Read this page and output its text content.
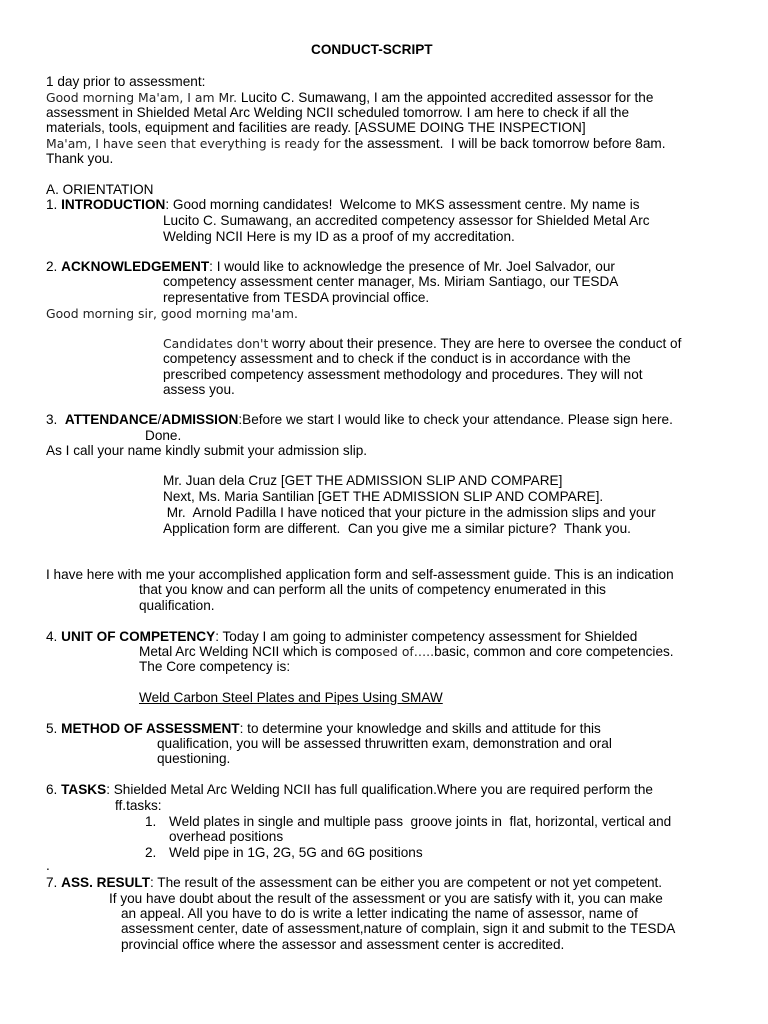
CONDUCT-SCRIPT
1 day prior to assessment:
Good morning Ma'am, I am Mr. Lucito C. Sumawang, I am the appointed accredited assessor for the
assessment in Shielded Metal Arc Welding NCII scheduled tomorrow. I am here to check if all the
materials, tools, equipment and facilities are ready. [ASSUME DOING THE INSPECTION]
Ma'am, I have seen that everything is ready for the assessment.  I will be back tomorrow before 8am.
Thank you.
A. ORIENTATION
1. INTRODUCTION: Good morning candidates!  Welcome to MKS assessment centre. My name is
Lucito C. Sumawang, an accredited competency assessor for Shielded Metal Arc
Welding NCII Here is my ID as a proof of my accreditation.
2. ACKNOWLEDGEMENT: I would like to acknowledge the presence of Mr. Joel Salvador, our
competency assessment center manager, Ms. Miriam Santiago, our TESDA
representative from TESDA provincial office.
Good morning sir, good morning ma'am.
Candidates don't worry about their presence. They are here to oversee the conduct of
competency assessment and to check if the conduct is in accordance with the
prescribed competency assessment methodology and procedures. They will not
assess you.
3.  ATTENDANCE/ADMISSION:Before we start I would like to check your attendance. Please sign here.
Done.
As I call your name kindly submit your admission slip.
Mr. Juan dela Cruz [GET THE ADMISSION SLIP AND COMPARE]
Next, Ms. Maria Santilian [GET THE ADMISSION SLIP AND COMPARE].
Mr.  Arnold Padilla I have noticed that your picture in the admission slips and your
Application form are different.  Can you give me a similar picture?  Thank you.
I have here with me your accomplished application form and self-assessment guide. This is an indication
that you know and can perform all the units of competency enumerated in this
qualification.
4. UNIT OF COMPETENCY: Today I am going to administer competency assessment for Shielded
Metal Arc Welding NCII which is composed of…..basic, common and core competencies.
The Core competency is:
Weld Carbon Steel Plates and Pipes Using SMAW
5. METHOD OF ASSESSMENT: to determine your knowledge and skills and attitude for this
qualification, you will be assessed thruwritten exam, demonstration and oral
questioning.
6. TASKS: Shielded Metal Arc Welding NCII has full qualification.Where you are required perform the
ff.tasks:
1. Weld plates in single and multiple pass  groove joints in  flat, horizontal, vertical and
overhead positions
2. Weld pipe in 1G, 2G, 5G and 6G positions
.
7. ASS. RESULT: The result of the assessment can be either you are competent or not yet competent.
If you have doubt about the result of the assessment or you are satisfy with it, you can make
an appeal. All you have to do is write a letter indicating the name of assessor, name of
assessment center, date of assessment,nature of complain, sign it and submit to the TESDA
provincial office where the assessor and assessment center is accredited.
